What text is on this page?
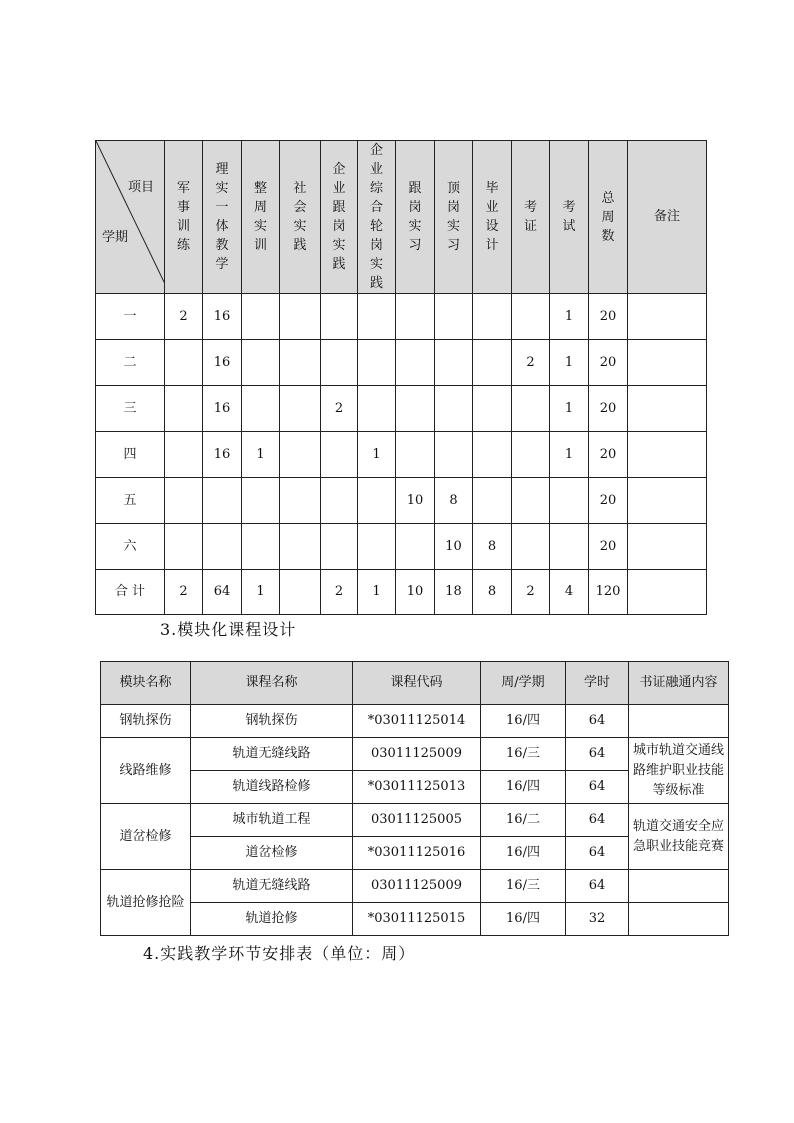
项目
学期	军事训练	理实一体教学	整周实训	社会实践	企业跟岗实践	企业综合轮岗实践	跟岗实习	顶岗实习	毕业设计	考证	考试	总周数	备注
一	2	16									1	20	
二		16								2	1	20	
三		16			2						1	20	
四		16	1			1					1	20	
五							10	8				20	
六								10	8			20	
合 计	2	64	1		2	1	10	18	8	2	4	120	
3.模块化课程设计
模块名称	课程名称	课程代码	周/学期	学时	书证融通内容
钢轨探伤	钢轨探伤	*03011125014	16/四	64	
线路维修	轨道无缝线路	03011125009	16/三	64	城市轨道交通线路维护职业技能等级标准
	轨道线路检修	*03011125013	16/四	64	
道岔检修	城市轨道工程	03011125005	16/二	64	轨道交通安全应急职业技能竞赛
	道岔检修	*03011125016	16/四	64	
轨道抢修抢险	轨道无缝线路	03011125009	16/三	64	
	轨道抢修	*03011125015	16/四	32	
4.实践教学环节安排表（单位：周）
